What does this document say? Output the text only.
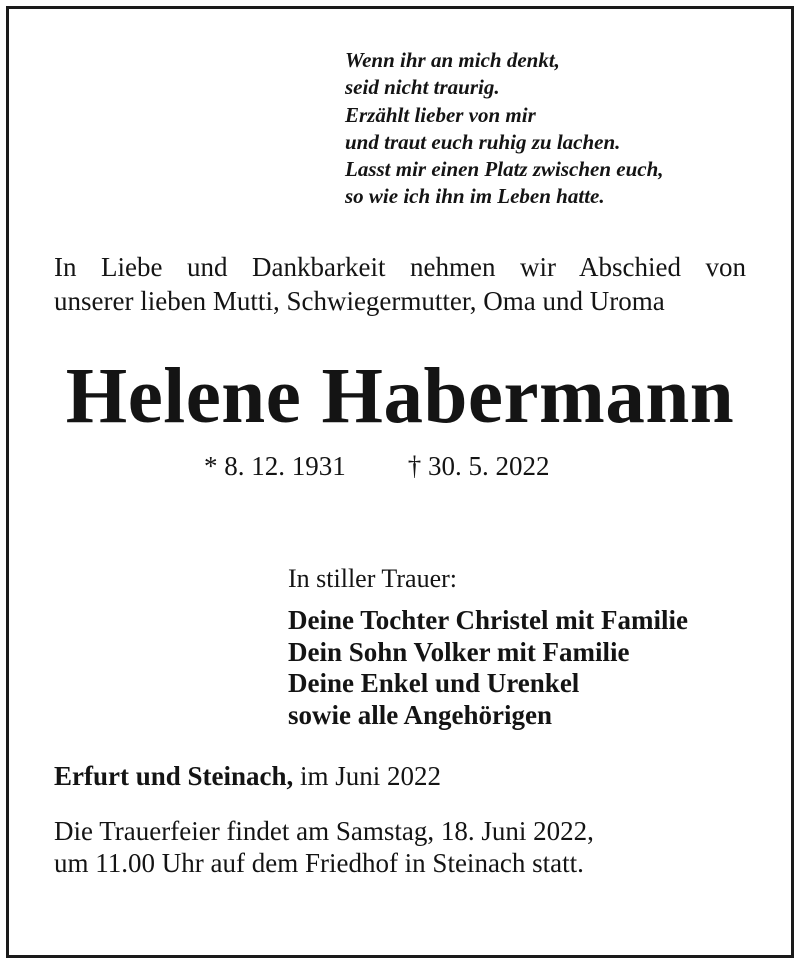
Wenn ihr an mich denkt,
seid nicht traurig.
Erzählt lieber von mir
und traut euch ruhig zu lachen.
Lasst mir einen Platz zwischen euch,
so wie ich ihn im Leben hatte.
In Liebe und Dankbarkeit nehmen wir Abschied von
unserer lieben Mutti, Schwiegermutter, Oma und Uroma
Helene Habermann
* 8. 12. 1931 † 30. 5. 2022
In stiller Trauer:
Deine Tochter Christel mit Familie
Dein Sohn Volker mit Familie
Deine Enkel und Urenkel
sowie alle Angehörigen
Erfurt und Steinach, im Juni 2022
Die Trauerfeier findet am Samstag, 18. Juni 2022,
um 11.00 Uhr auf dem Friedhof in Steinach statt.
